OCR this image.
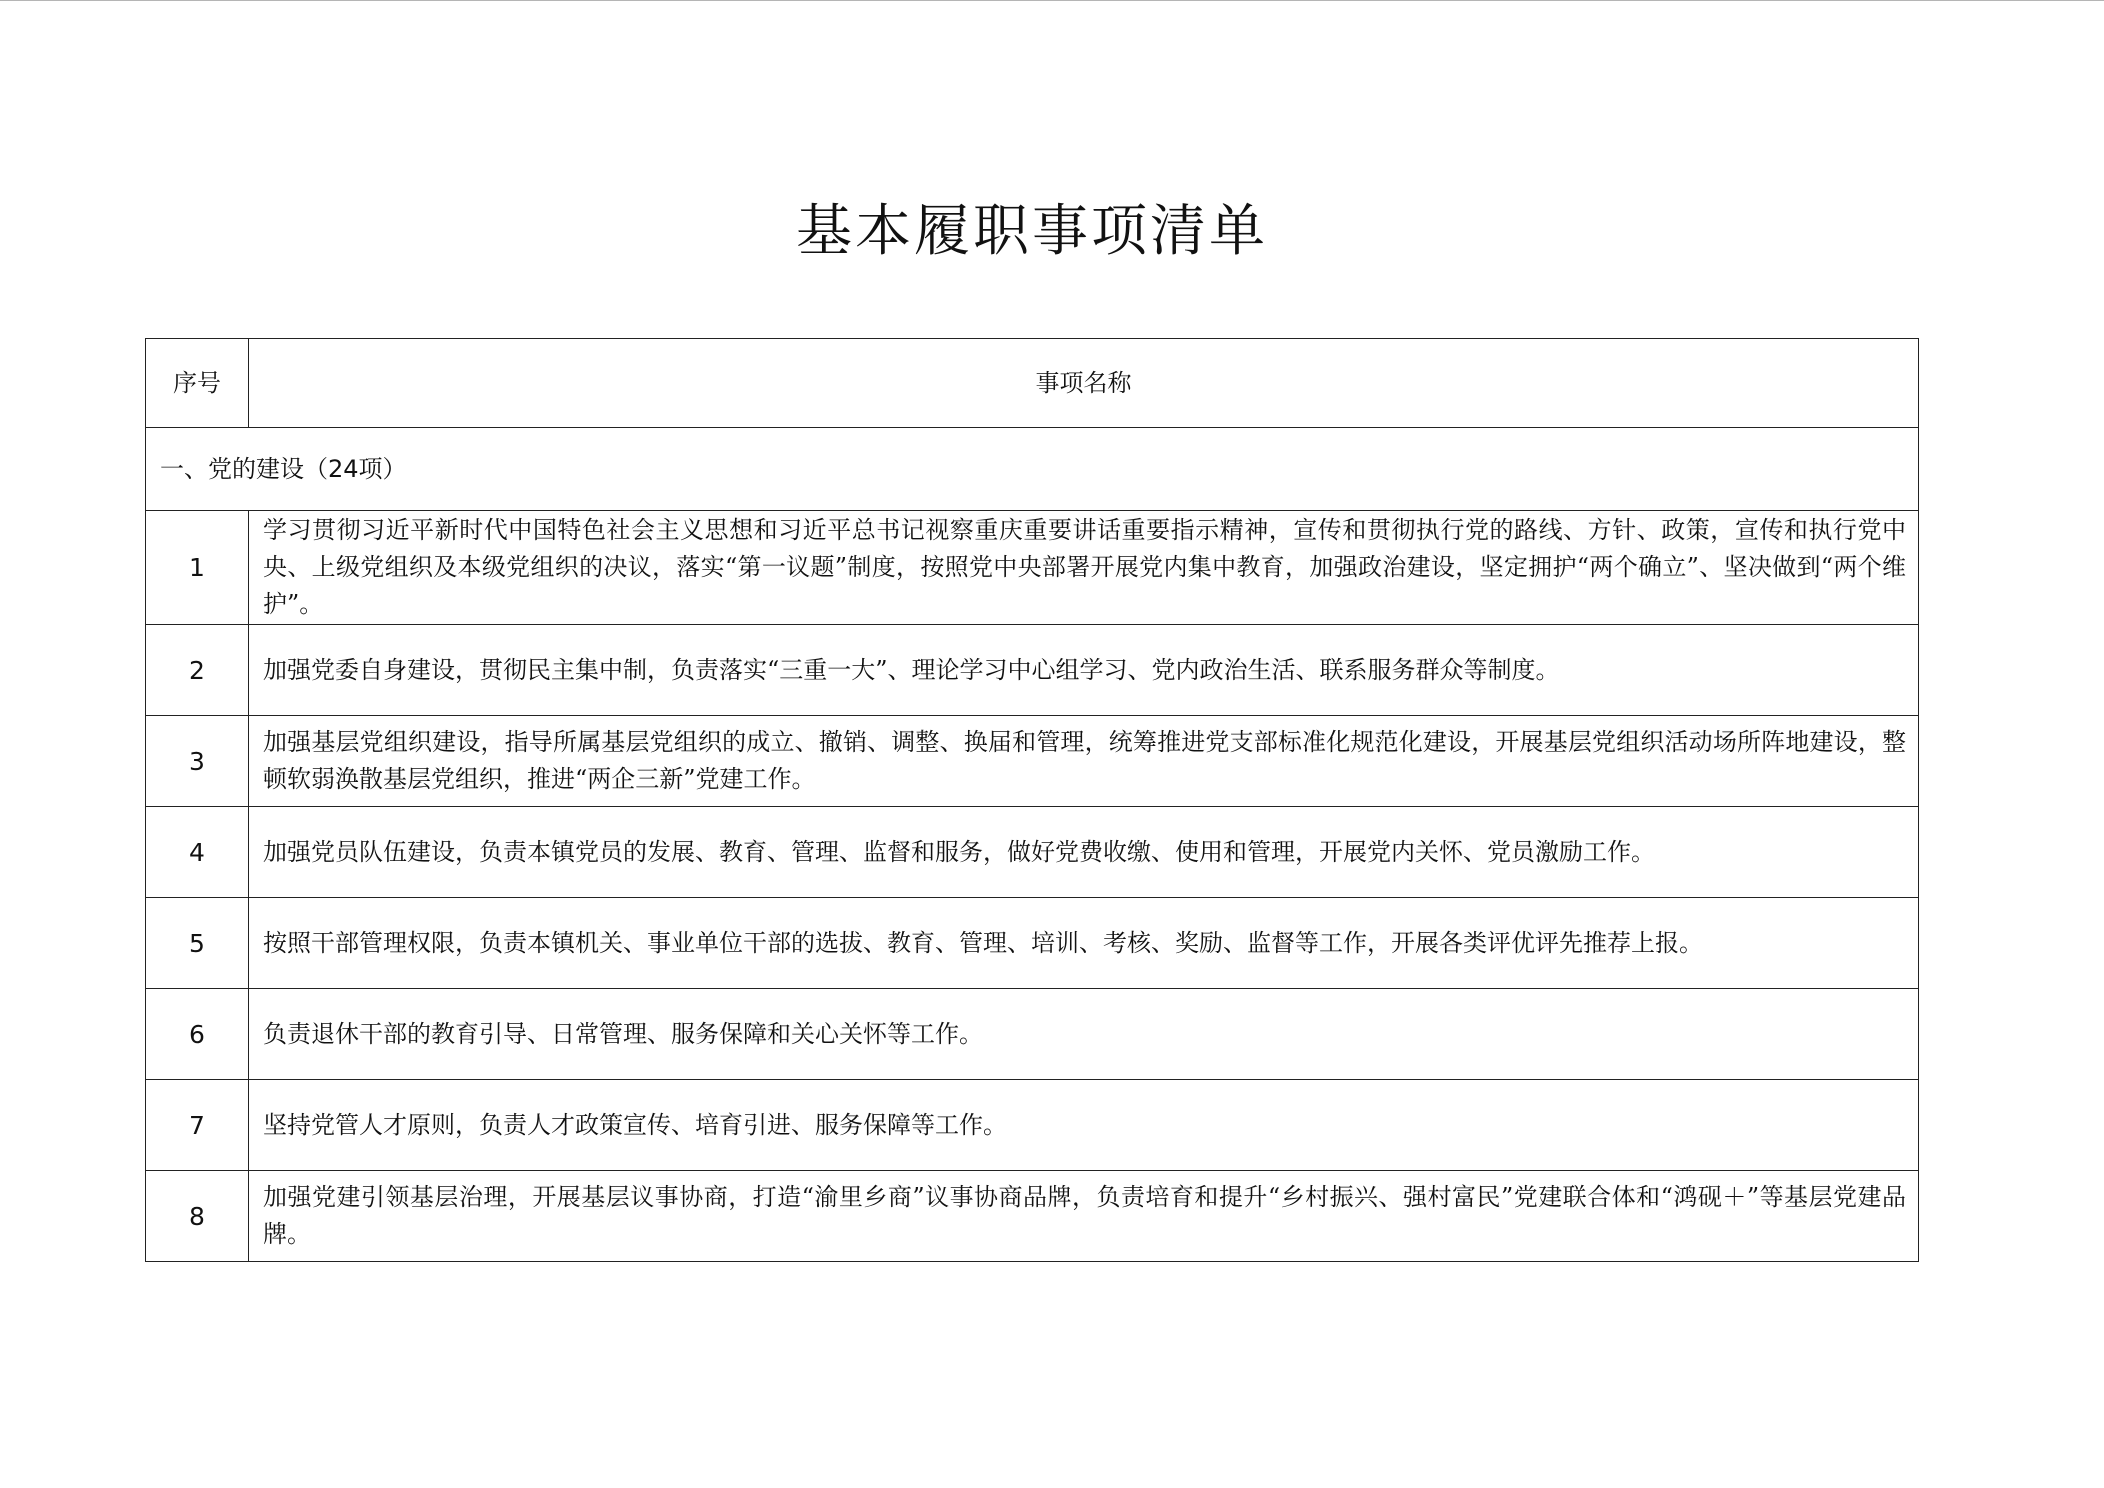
基本履职事项清单
序号	事项名称
一、党的建设（24项）	
1	学习贯彻习近平新时代中国特色社会主义思想和习近平总书记视察重庆重要讲话重要指示精神，宣传和贯彻执行党的路线、方针、政策，宣传和执行党中央、上级党组织及本级党组织的决议，落实“第一议题”制度，按照党中央部署开展党内集中教育，加强政治建设，坚定拥护“两个确立”、坚决做到“两个维护”。
2	加强党委自身建设，贯彻民主集中制，负责落实“三重一大”、理论学习中心组学习、党内政治生活、联系服务群众等制度。
3	加强基层党组织建设，指导所属基层党组织的成立、撤销、调整、换届和管理，统筹推进党支部标准化规范化建设，开展基层党组织活动场所阵地建设，整顿软弱涣散基层党组织，推进“两企三新”党建工作。
4	加强党员队伍建设，负责本镇党员的发展、教育、管理、监督和服务，做好党费收缴、使用和管理，开展党内关怀、党员激励工作。
5	按照干部管理权限，负责本镇机关、事业单位干部的选拔、教育、管理、培训、考核、奖励、监督等工作，开展各类评优评先推荐上报。
6	负责退休干部的教育引导、日常管理、服务保障和关心关怀等工作。
7	坚持党管人才原则，负责人才政策宣传、培育引进、服务保障等工作。
8	加强党建引领基层治理，开展基层议事协商，打造“渝里乡商”议事协商品牌，负责培育和提升“乡村振兴、强村富民”党建联合体和“鸿砚＋”等基层党建品牌。
